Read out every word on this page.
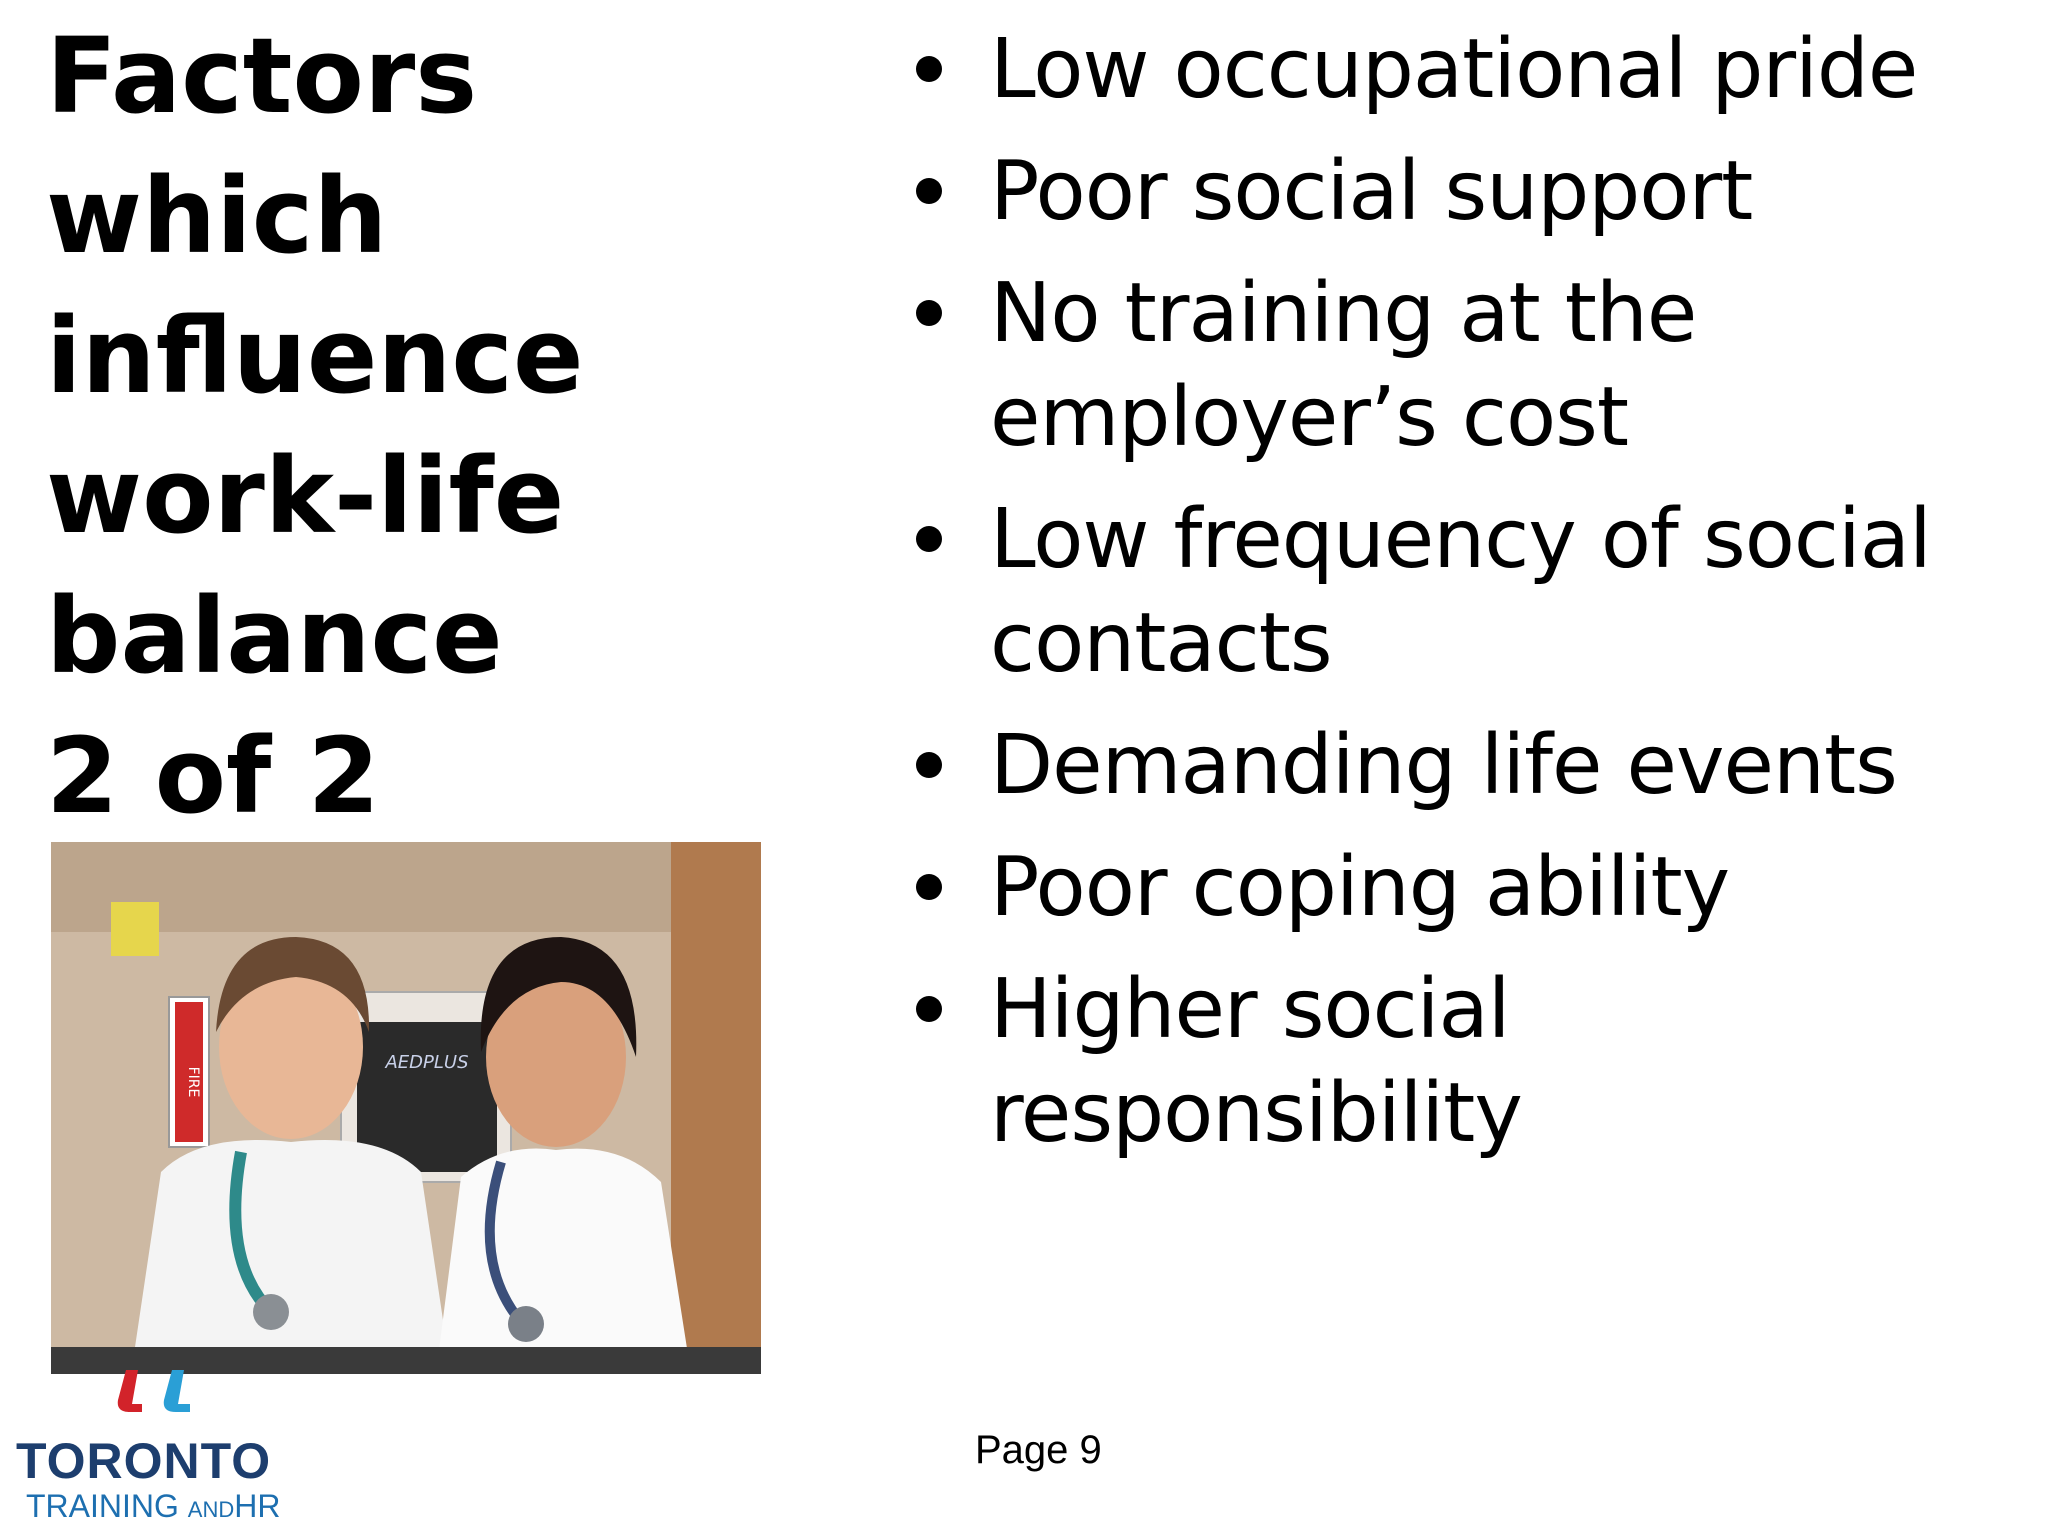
Factors
which
influence
work-life
balance
2 of 2
Low occupational pride
Poor social support
No training at the employer’s cost
Low frequency of social contacts
Demanding life events
Poor coping ability
Higher social responsibility
FIRE
AEDPLUS
Page 9
TORONTO
TRAINING ANDHR
